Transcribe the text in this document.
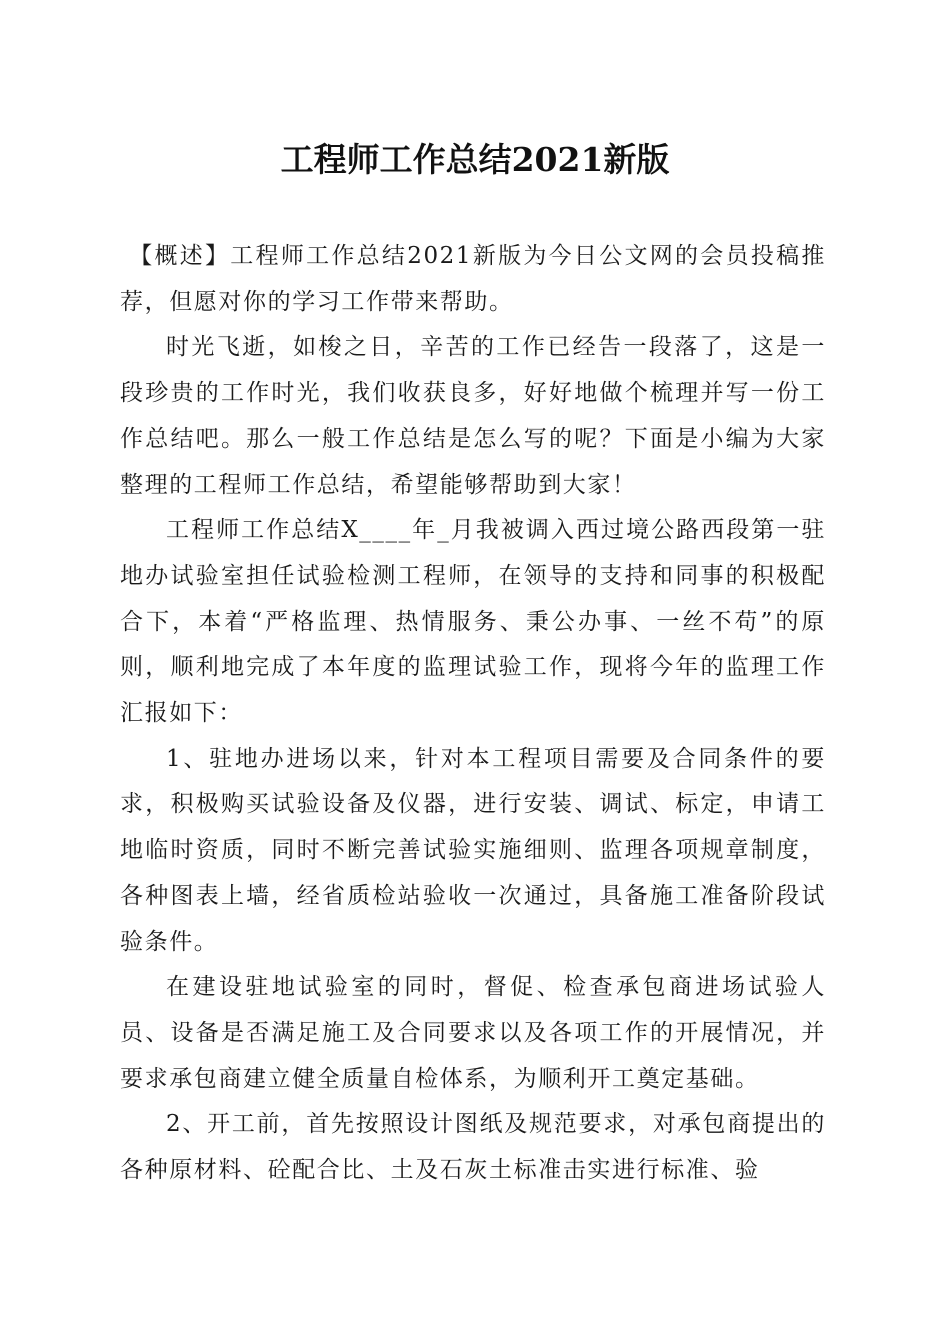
工程师工作总结2021新版

【概述】工程师工作总结2021新版为今日公文网的会员投稿推荐，但愿对你的学习工作带来帮助。

时光飞逝，如梭之日，辛苦的工作已经告一段落了，这是一段珍贵的工作时光，我们收获良多，好好地做个梳理并写一份工作总结吧。那么一般工作总结是怎么写的呢？下面是小编为大家整理的工程师工作总结，希望能够帮助到大家！

工程师工作总结X____年_月我被调入西过境公路西段第一驻地办试验室担任试验检测工程师，在领导的支持和同事的积极配合下，本着“严格监理、热情服务、秉公办事、一丝不苟”的原则，顺利地完成了本年度的监理试验工作，现将今年的监理工作汇报如下：

1、驻地办进场以来，针对本工程项目需要及合同条件的要求，积极购买试验设备及仪器，进行安装、调试、标定，申请工地临时资质，同时不断完善试验实施细则、监理各项规章制度，各种图表上墙，经省质检站验收一次通过，具备施工准备阶段试验条件。

在建设驻地试验室的同时，督促、检查承包商进场试验人员、设备是否满足施工及合同要求以及各项工作的开展情况，并要求承包商建立健全质量自检体系，为顺利开工奠定基础。

2、开工前，首先按照设计图纸及规范要求，对承包商提出的各种原材料、砼配合比、土及石灰土标准击实进行标准、验
